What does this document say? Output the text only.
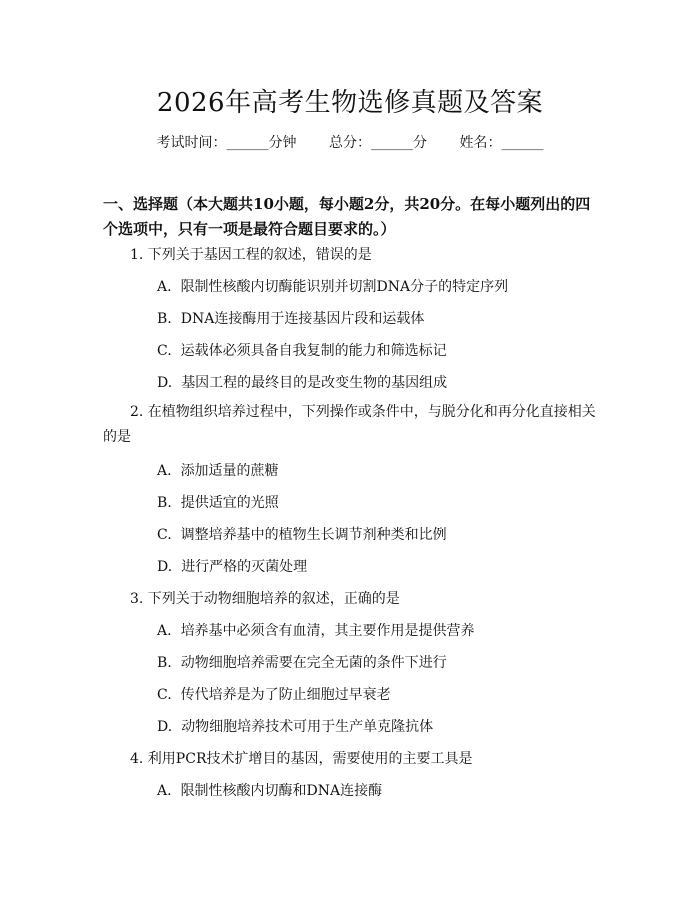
2026年高考生物选修真题及答案
考试时间：______分钟 总分：______分 姓名：______
一、选择题（本大题共10小题，每小题2分，共20分。在每小题列出的四个选项中，只有一项是最符合题目要求的。）
1. 下列关于基因工程的叙述，错误的是
A. 限制性核酸内切酶能识别并切割DNA分子的特定序列
B. DNA连接酶用于连接基因片段和运载体
C. 运载体必须具备自我复制的能力和筛选标记
D. 基因工程的最终目的是改变生物的基因组成
2. 在植物组织培养过程中，下列操作或条件中，与脱分化和再分化直接相关的是
A. 添加适量的蔗糖
B. 提供适宜的光照
C. 调整培养基中的植物生长调节剂种类和比例
D. 进行严格的灭菌处理
3. 下列关于动物细胞培养的叙述，正确的是
A. 培养基中必须含有血清，其主要作用是提供营养
B. 动物细胞培养需要在完全无菌的条件下进行
C. 传代培养是为了防止细胞过早衰老
D. 动物细胞培养技术可用于生产单克隆抗体
4. 利用PCR技术扩增目的基因，需要使用的主要工具是
A. 限制性核酸内切酶和DNA连接酶
